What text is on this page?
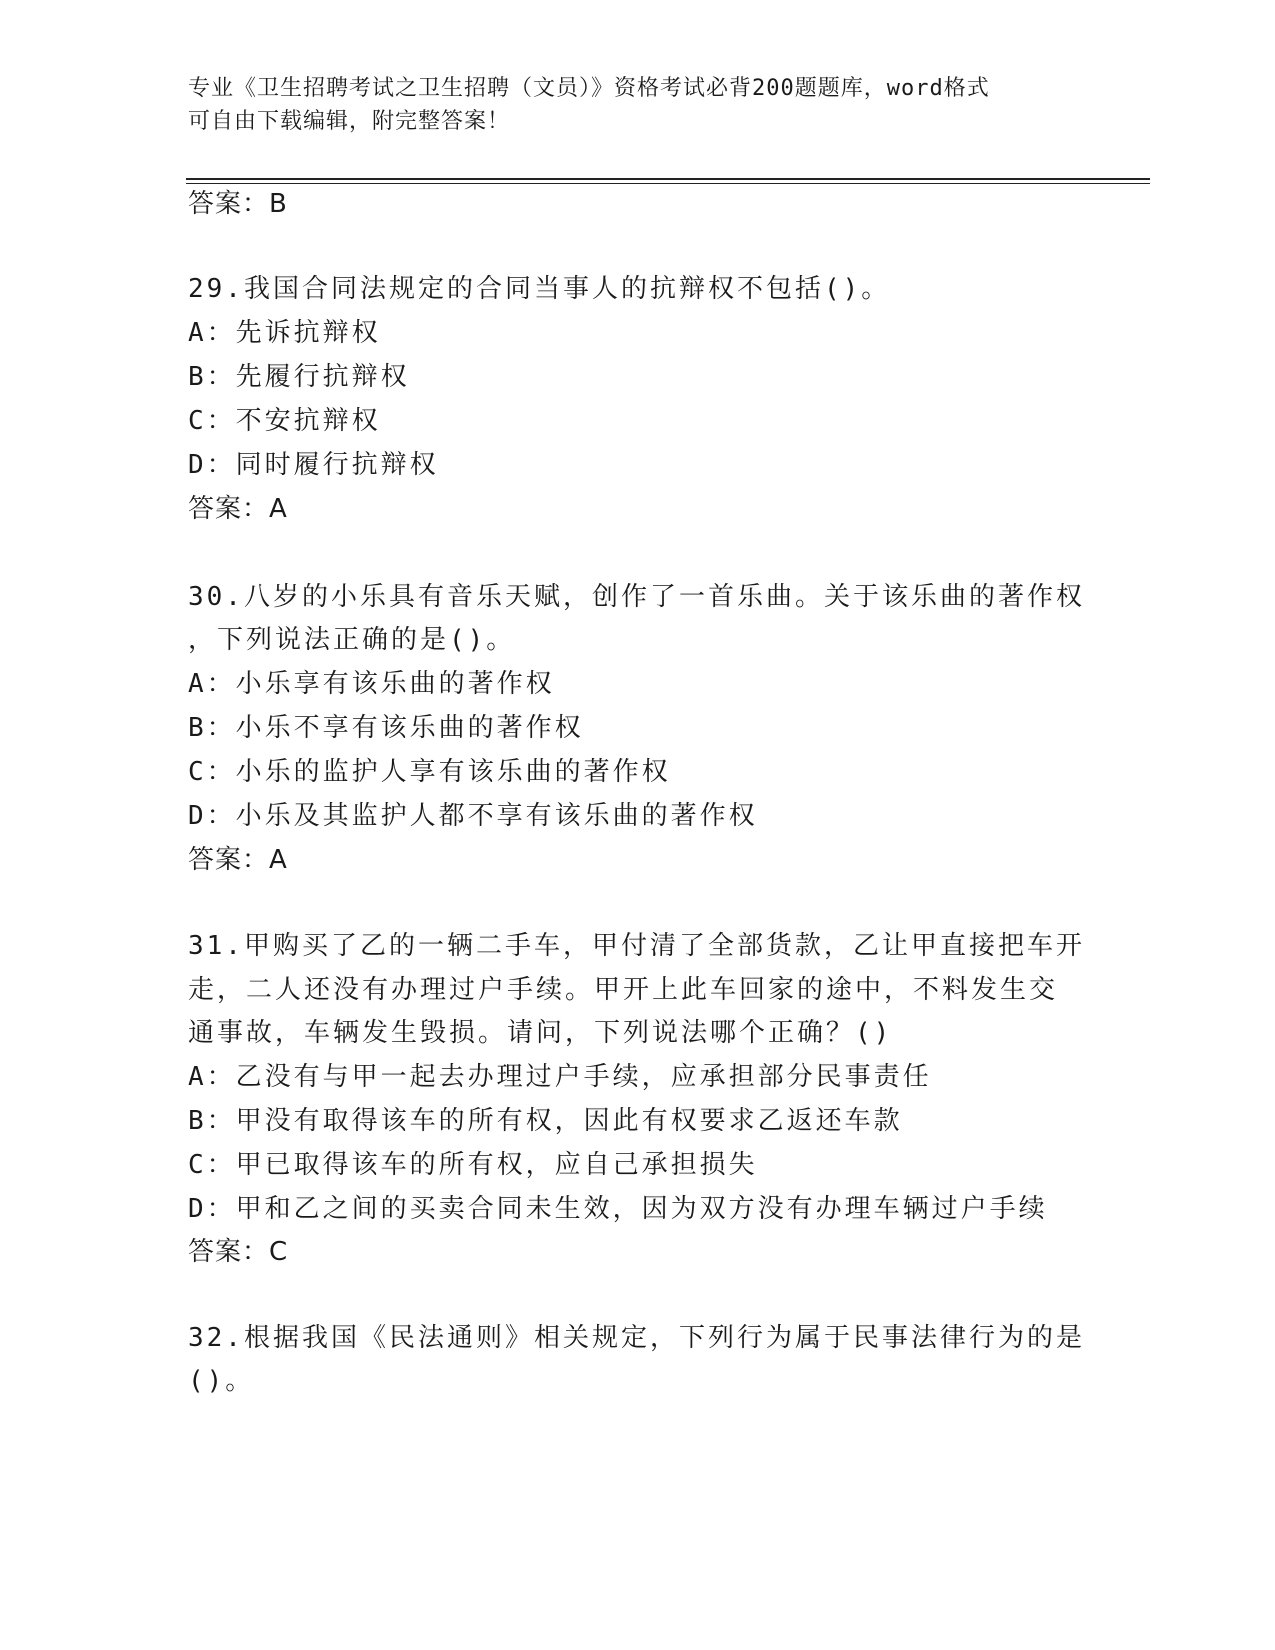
专业《卫生招聘考试之卫生招聘（文员）》资格考试必背200题题库，word格式
可自由下载编辑，附完整答案！
答案：B
29.我国合同法规定的合同当事人的抗辩权不包括()。
A：先诉抗辩权
B：先履行抗辩权
C：不安抗辩权
D：同时履行抗辩权
答案：A
30.八岁的小乐具有音乐天赋，创作了一首乐曲。关于该乐曲的著作权
，下列说法正确的是()。
A：小乐享有该乐曲的著作权
B：小乐不享有该乐曲的著作权
C：小乐的监护人享有该乐曲的著作权
D：小乐及其监护人都不享有该乐曲的著作权
答案：A
31.甲购买了乙的一辆二手车，甲付清了全部货款，乙让甲直接把车开
走，二人还没有办理过户手续。甲开上此车回家的途中，不料发生交
通事故，车辆发生毁损。请问，下列说法哪个正确？()
A：乙没有与甲一起去办理过户手续，应承担部分民事责任
B：甲没有取得该车的所有权，因此有权要求乙返还车款
C：甲已取得该车的所有权，应自己承担损失
D：甲和乙之间的买卖合同未生效，因为双方没有办理车辆过户手续
答案：C
32.根据我国《民法通则》相关规定，下列行为属于民事法律行为的是
()。
